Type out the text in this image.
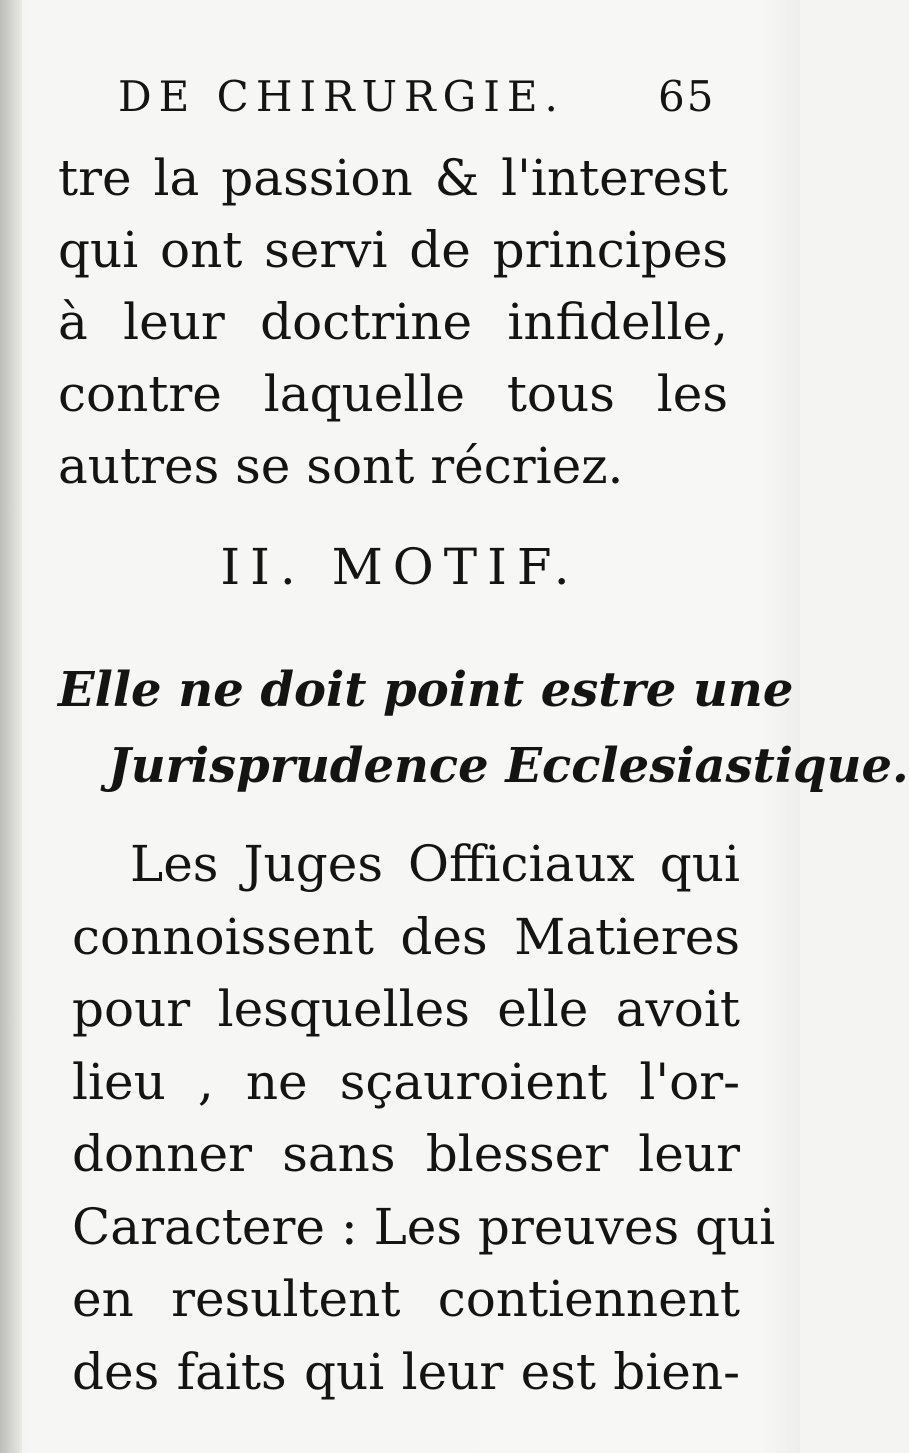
DE CHIRURGIE. 65
tre la passion & l'interest
qui ont servi de principes
à leur doctrine infidelle,
contre laquelle tous les
autres se sont récriez.
II. MOTIF.
Elle ne doit point estre une
Jurisprudence Ecclesiastique.
Les Juges Officiaux qui
connoissent des Matieres
pour lesquelles elle avoit
lieu , ne sçauroient l'or-
donner sans blesser leur
Caractere : Les preuves qui
en resultent contiennent
des faits qui leur est bien-
